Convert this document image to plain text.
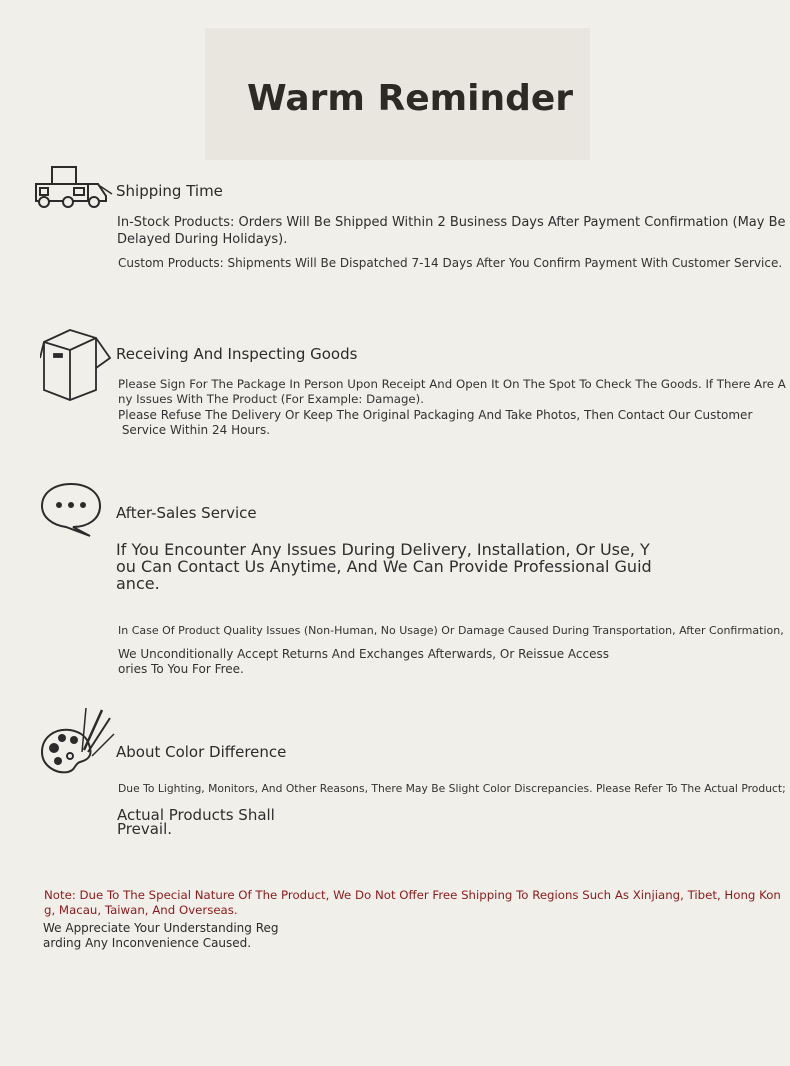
Warm Reminder
Shipping Time
In-Stock Products: Orders Will Be Shipped Within 2 Business Days After Payment Confirmation (May Be
Delayed During Holidays).
Custom Products: Shipments Will Be Dispatched 7-14 Days After You Confirm Payment With Customer Service.
Receiving And Inspecting Goods
Please Sign For The Package In Person Upon Receipt And Open It On The Spot To Check The Goods. If There Are A
ny Issues With The Product (For Example: Damage).
Please Refuse The Delivery Or Keep The Original Packaging And Take Photos, Then Contact Our Customer
Service Within 24 Hours.
After-Sales Service
If You Encounter Any Issues During Delivery, Installation, Or Use, Y
ou Can Contact Us Anytime, And We Can Provide Professional Guid
ance.
In Case Of Product Quality Issues (Non-Human, No Usage) Or Damage Caused During Transportation, After Confirmation,
We Unconditionally Accept Returns And Exchanges Afterwards, Or Reissue Access
ories To You For Free.
About Color Difference
Due To Lighting, Monitors, And Other Reasons, There May Be Slight Color Discrepancies. Please Refer To The Actual Product;
Actual Products Shall
Prevail.
Note: Due To The Special Nature Of The Product, We Do Not Offer Free Shipping To Regions Such As Xinjiang, Tibet, Hong Kon
g, Macau, Taiwan, And Overseas.
We Appreciate Your Understanding Reg
arding Any Inconvenience Caused.
